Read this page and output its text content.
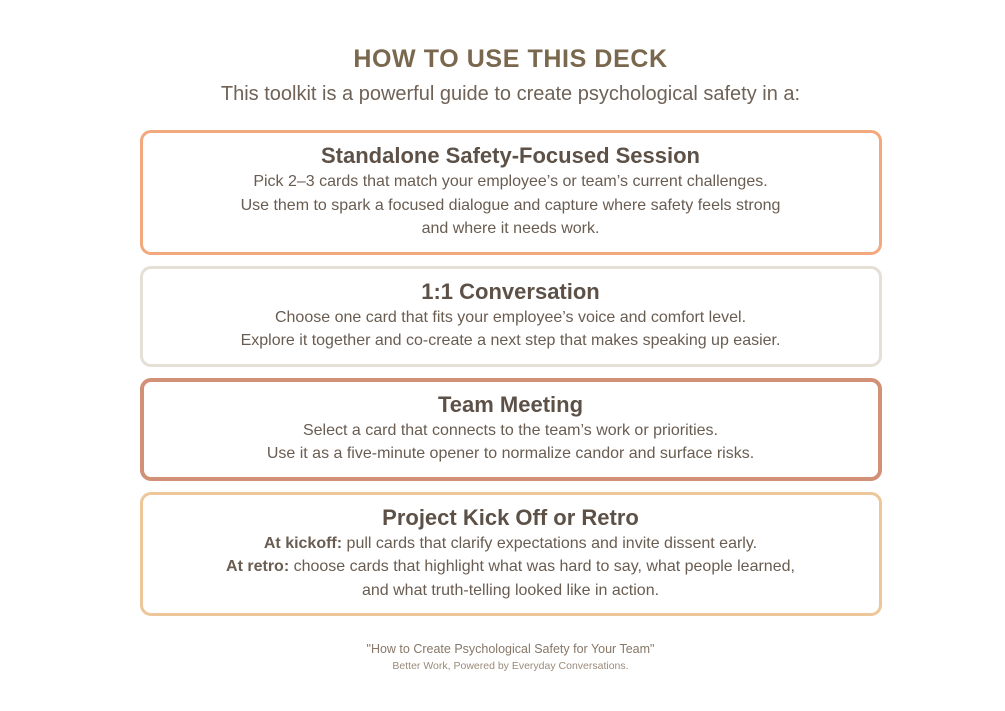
HOW TO USE THIS DECK

This toolkit is a powerful guide to create psychological safety in a:

Standalone Safety-Focused Session
Pick 2–3 cards that match your employee’s or team’s current challenges.
Use them to spark a focused dialogue and capture where safety feels strong
and where it needs work.
1:1 Conversation
Choose one card that fits your employee’s voice and comfort level.
Explore it together and co-create a next step that makes speaking up easier.
Team Meeting
Select a card that connects to the team’s work or priorities.
Use it as a five-minute opener to normalize candor and surface risks.
Project Kick Off or Retro
At kickoff: pull cards that clarify expectations and invite dissent early.
At retro: choose cards that highlight what was hard to say, what people learned,
and what truth-telling looked like in action.
"How to Create Psychological Safety for Your Team"
Better Work, Powered by Everyday Conversations.
